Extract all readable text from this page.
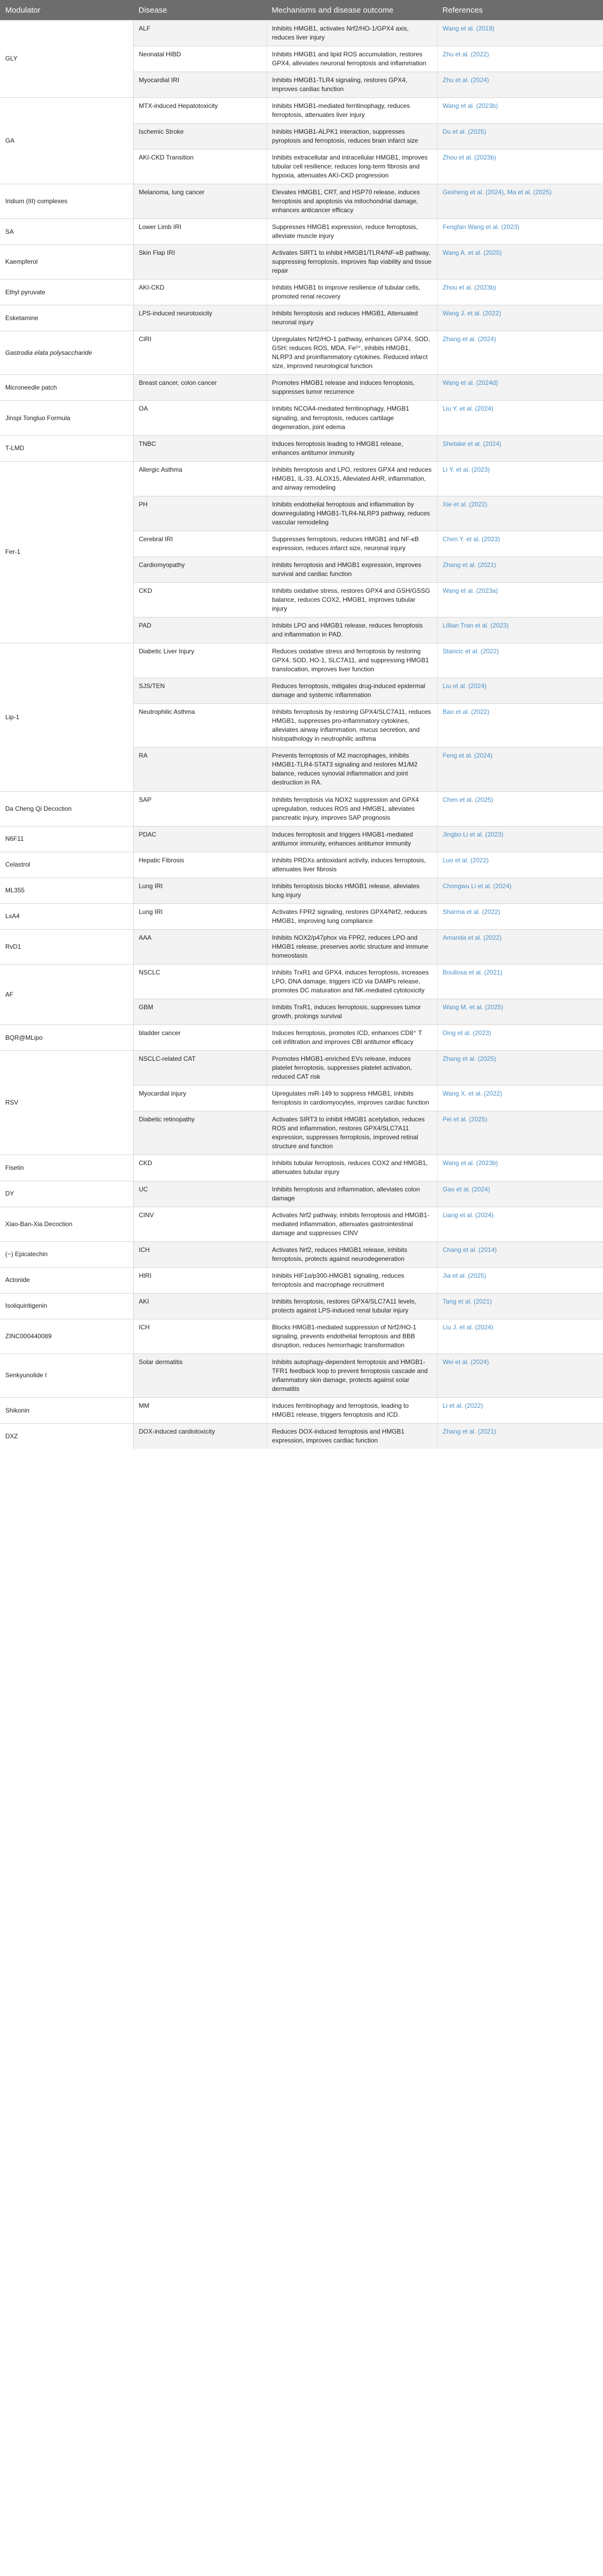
Modulator	Disease	Mechanisms and disease outcome	References
GLY	ALF	Inhibits HMGB1, activates Nrf2/HO-1/GPX4 axis, reduces liver injury	Wang et al. (2019)
	Neonatal HIBD	Inhibits HMGB1 and lipid ROS accumulation, restores GPX4, alleviates neuronal ferroptosis and inflammation	Zhu et al. (2022)
	Myocardial IRI	Inhibits HMGB1-TLR4 signaling, restores GPX4, improves cardiac function	Zhu et al. (2024)
GA	MTX-induced Hepatotoxicity	Inhibits HMGB1-mediated ferritinophagy, reduces ferroptosis, attenuates liver injury	Wang et al. (2023b)
	Ischemic Stroke	Inhibits HMGB1-ALPK1 interaction, suppresses pyroptosis and ferroptosis, reduces brain infarct size	Du et al. (2025)
	AKI-CKD Transition	Inhibits extracellular and intracellular HMGB1, improves tubular cell resilience; reduces long-term fibrosis and hypoxia, attenuates AKI-CKD progression	Zhou et al. (2023b)
Iridium (III) complexes	Melanoma, lung cancer	Elevates HMGB1, CRT, and HSP70 release, induces ferroptosis and apoptosis via mitochondrial damage, enhances anticancer efficacy	Gesheng et al. (2024), Ma et al. (2025)
SA	Lower Limb IRI	Suppresses HMGB1 expression, reduce ferroptosis, alleviate muscle injury	Fengfan Wang et al. (2023)
Kaempferol	Skin Flap IRI	Activates SIRT1 to inhibit HMGB1/TLR4/NF-κB pathway, suppressing ferroptosis, improves flap viability and tissue repair	Wang A. et al. (2025)
Ethyl pyruvate	AKI-CKD	Inhibits HMGB1 to improve resilience of tubular cells, promoted renal recovery	Zhou et al. (2023b)
Esketamine	LPS-induced neurotoxicity	Inhibits ferroptosis and reduces HMGB1, Attenuated neuronal injury	Wang J. et al. (2022)
Gastrodia elata polysaccharide	CIRI	Upregulates Nrf2/HO-1 pathway, enhances GPX4, SOD, GSH; reduces ROS, MDA, Fe²⁺, inhibits HMGB1, NLRP3 and proinflammatory cytokines. Reduced infarct size, improved neurological function	Zhang et al. (2024)
Microneedle patch	Breast cancer, colon cancer	Promotes HMGB1 release and induces ferroptosis, suppresses tumor recurrence	Wang et al. (2024d)
Jinspi Tongluo Formula	OA	Inhibits NCOA4-mediated ferritinophagy, HMGB1 signaling, and ferroptosis, reduces cartilage degeneration, joint edema	Liu Y. et al. (2024)
T-LMD	TNBC	Induces ferroptosis leading to HMGB1 release, enhances antitumor immunity	Shetake et al. (2024)
Fer-1	Allergic Asthma	Inhibits ferroptosis and LPO, restores GPX4 and reduces HMGB1, IL-33, ALOX15, Alleviated AHR, inflammation, and airway remodeling	Li Y. et al. (2023)
	PH	Inhibits endothelial ferroptosis and inflammation by downregulating HMGB1-TLR4-NLRP3 pathway, reduces vascular remodeling	Xie et al. (2022)
	Cerebral IRI	Suppresses ferroptosis, reduces HMGB1 and NF-κB expression, reduces infarct size, neuronal injury	Chen Y. et al. (2023)
	Cardiomyopathy	Inhibits ferroptosis and HMGB1 expression, improves survival and cardiac function	Zhang et al. (2021)
	CKD	Inhibits oxidative stress, restores GPX4 and GSH/GSSG balance, reduces COX2, HMGB1, improves tubular injury	Wang et al. (2023a)
	PAD	Inhibits LPO and HMGB1 release, reduces ferroptosis and inflammation in PAD.	Lillian Tran et al. (2023)
Lip-1	Diabetic Liver Injury	Reduces oxidative stress and ferroptosis by restoring GPX4, SOD, HO-1, SLC7A11, and suppressing HMGB1 translocation, improves liver function	Stancic et al. (2022)
	SJS/TEN	Reduces ferroptosis, mitigates drug-induced epidermal damage and systemic inflammation	Liu et al. (2024)
	Neutrophilic Asthma	Inhibits ferroptosis by restoring GPX4/SLC7A11, reduces HMGB1, suppresses pro-inflammatory cytokines, alleviates airway inflammation, mucus secretion, and histopathology in neutrophilic asthma	Bao et al. (2022)
	RA	Prevents ferroptosis of M2 macrophages, inhibits HMGB1-TLR4-STAT3 signaling and restores M1/M2 balance, reduces synovial inflammation and joint destruction in RA.	Feng et al. (2024)
Da Cheng Qi Decoction	SAP	Inhibits ferroptosis via NOX2 suppression and GPX4 upregulation, reduces ROS and HMGB1, alleviates pancreatic injury, improves SAP prognosis	Chen et al. (2025)
N6F11	PDAC	Induces ferroptosis and triggers HMGB1-mediated antitumor immunity, enhances antitumor immunity	Jingbo Li et al. (2023)
Celastrol	Hepatic Fibrosis	Inhibits PRDXs antioxidant activity, induces ferroptosis, attenuates liver fibrosis	Luo et al. (2022)
ML355	Lung IRI	Inhibits ferroptosis blocks HMGB1 release, alleviates lung injury	Chongwu Li et al. (2024)
LxA4	Lung IRI	Activates FPR2 signaling, restores GPX4/Nrf2, reduces HMGB1, improving lung compliance	Sharma et al. (2022)
RvD1	AAA	Inhibits NOX2/p47phox via FPR2, reduces LPO and HMGB1 release, preserves aortic structure and immune homeostasis	Amanda et al. (2022)
AF	NSCLC	Inhibits TrxR1 and GPX4, induces ferroptosis, increases LPO, DNA damage, triggers ICD via DAMPs release, promotes DC maturation and NK-mediated cytotoxicity	Boullosa et al. (2021)
	GBM	Inhibits TrxR1, induces ferroptosis, suppresses tumor growth, prolongs survival	Wang M. et al. (2025)
BQR@MLipo	bladder cancer	Induces ferroptosis, promotes ICD, enhances CD8⁺ T cell infiltration and improves CBI antitumor efficacy	Ding et al. (2023)
RSV	NSCLC-related CAT	Promotes HMGB1-enriched EVs release, induces platelet ferroptosis, suppresses platelet activation, reduced CAT risk	Zhang et al. (2025)
	Myocardial injury	Upregulates miR-149 to suppress HMGB1, inhibits ferroptosis in cardiomyocytes, improves cardiac function	Wang X. et al. (2022)
	Diabetic retinopathy	Activates SIRT3 to inhibit HMGB1 acetylation, reduces ROS and inflammation, restores GPX4/SLC7A11 expression, suppresses ferroptosis, improved retinal structure and function	Pei et al. (2025)
Fisetin	CKD	Inhibits tubular ferroptosis, reduces COX2 and HMGB1, attenuates tubular injury	Wang et al. (2023b)
DY	UC	Inhibits ferroptosis and inflammation, alleviates colon damage	Gao et al. (2024)
Xiao-Ban-Xia Decoction	CINV	Activates Nrf2 pathway, inhibits ferroptosis and HMGB1-mediated inflammation, attenuates gastrointestinal damage and suppresses CINV	Liang et al. (2024)
(−) Epicatechin	ICH	Activates Nrf2, reduces HMGB1 release, inhibits ferroptosis, protects against neurodegeneration	Chang et al. (2014)
Actonide	HIRI	Inhibits HIF1α/p300-HMGB1 signaling, reduces ferroptosis and macrophage recruitment	Jia et al. (2025)
Isoliquiritigenin	AKI	Inhibits ferroptosis, restores GPX4/SLC7A11 levels, protects against LPS-induced renal tubular injury	Tang et al. (2021)
ZINC000440089	ICH	Blocks HMGB1-mediated suppression of Nrf2/HO-1 signaling, prevents endothelial ferroptosis and BBB disruption, reduces hemorrhagic transformation	Liu J. et al. (2024)
Senkyunolide I	Solar dermatitis	Inhibits autophagy-dependent ferroptosis and HMGB1-TFR1 feedback loop to prevent ferroptosis cascade and inflammatory skin damage, protects against solar dermatitis	Wei et al. (2024)
Shikonin	MM	Induces ferritinophagy and ferroptosis, leading to HMGB1 release, triggers ferroptosis and ICD.	Li et al. (2022)
DXZ	DOX-induced cardiotoxicity	Reduces DOX-induced ferroptosis and HMGB1 expression, improves cardiac function	Zhang et al. (2021)
